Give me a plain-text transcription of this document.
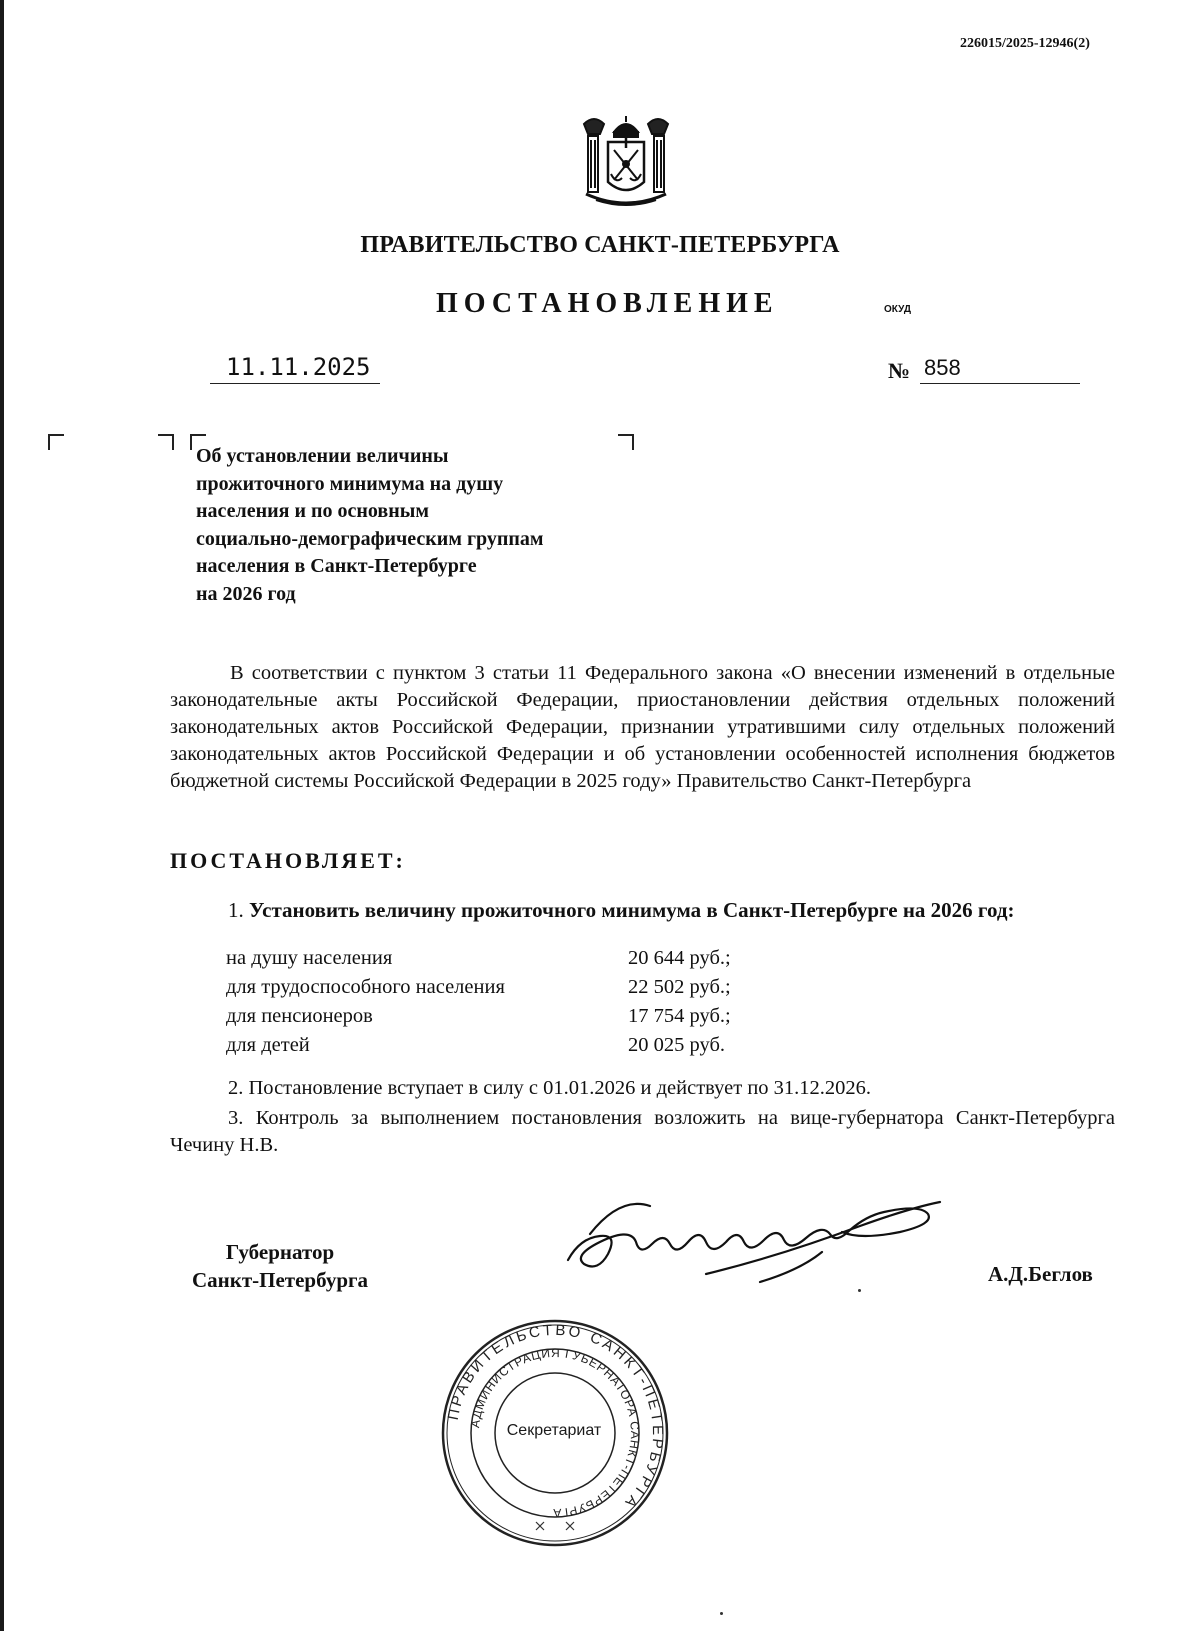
226015/2025-12946(2)
ПРАВИТЕЛЬСТВО САНКТ-ПЕТЕРБУРГА
ПОСТАНОВЛЕНИЕ	ОКУД
11.11.2025	№ 858
Об установлении величины
прожиточного минимума на душу
населения и по основным
социально-демографическим группам
населения в Санкт-Петербурге
на 2026 год
В соответствии с пунктом 3 статьи 11 Федерального закона «О внесении изменений в отдельные законодательные акты Российской Федерации, приостановлении действия отдельных положений законодательных актов Российской Федерации, признании утратившими силу отдельных положений законодательных актов Российской Федерации и об установлении особенностей исполнения бюджетов бюджетной системы Российской Федерации в 2025 году» Правительство Санкт-Петербурга
ПОСТАНОВЛЯЕТ:
1. Установить величину прожиточного минимума в Санкт-Петербурге на 2026 год:
на душу населения	20 644 руб.;
для трудоспособного населения	22 502 руб.;
для пенсионеров	17 754 руб.;
для детей	20 025 руб.
2. Постановление вступает в силу с 01.01.2026 и действует по 31.12.2026.
3. Контроль за выполнением постановления возложить на вице-губернатора Санкт-Петербурга Чечину Н.В.
Губернатор
Санкт-Петербурга	А.Д.Беглов
ПРАВИТЕЛЬСТВО САНКТ-ПЕТЕРБУРГА
АДМИНИСТРАЦИЯ ГУБЕРНАТОРА САНКТ-ПЕТЕРБУРГА
Секретариат
